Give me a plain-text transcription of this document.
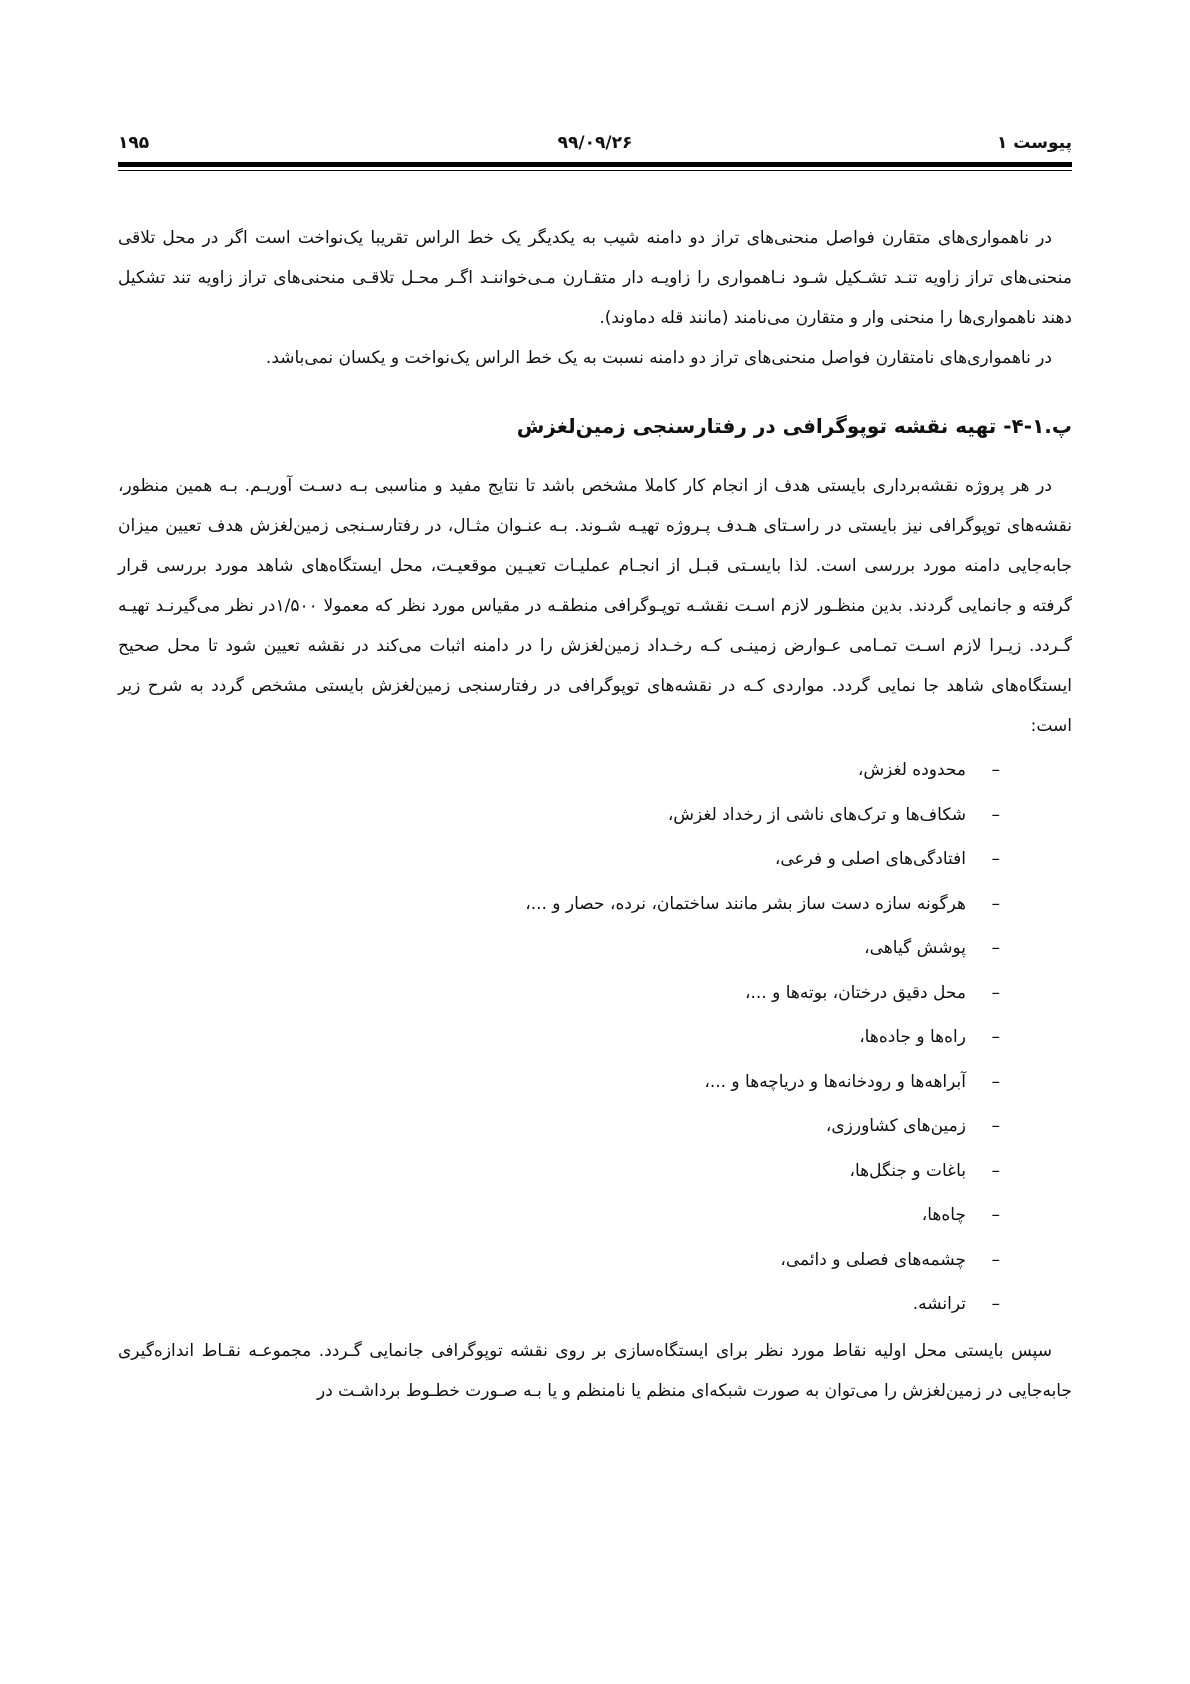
پیوست ۱
۹۹/۰۹/۲۶
۱۹۵

در ناهمواری‌های متقارن فواصل منحنی‌های تراز دو دامنه شیب به یکدیگر یک خط الراس تقریبا یک‌نواخت است اگر در محل تلاقی منحنی‌های تراز زاویه تنـد تشـکیل شـود نـاهمواری را زاویـه دار متقـارن مـی‌خواننـد اگـر محـل تلاقـی منحنی‌های تراز زاویه تند تشکیل دهند ناهمواری‌ها را منحنی وار و متقارن می‌نامند (مانند قله دماوند).

در ناهمواری‌های نامتقارن فواصل منحنی‌های تراز دو دامنه نسبت به یک خط الراس یک‌نواخت و یکسان نمی‌باشد.

پ.۱-۴- تهیه نقشه توپوگرافی در رفتارسنجی زمین‌لغزش

در هر پروژه نقشه‌برداری بایستی هدف از انجام کار کاملا مشخص باشد تا نتایج مفید و مناسبی بـه دسـت آوریـم. بـه همین منظور، نقشه‌های توپوگرافی نیز بایستی در راسـتای هـدف پـروژه تهیـه شـوند. بـه عنـوان مثـال، در رفتارسـنجی زمین‌لغزش هدف تعیین میزان جابه‌جایی دامنه مورد بررسی است. لذا بایسـتی قبـل از انجـام عملیـات تعیـین موقعیـت، محل ایستگاه‌های شاهد مورد بررسی قرار گرفته و جانمایی گردند. بدین منظـور لازم اسـت نقشـه توپـوگرافی منطقـه در مقیاس مورد نظر که معمولا ۱/۵۰۰در نظر می‌گیرنـد تهیـه گـردد. زیـرا لازم اسـت تمـامی عـوارض زمینـی کـه رخـداد زمین‌لغزش را در دامنه اثبات می‌کند در نقشه تعیین شود تا محل صحیح ایستگاه‌های شاهد جا نمایی گردد. مواردی کـه در نقشه‌های توپوگرافی در رفتارسنجی زمین‌لغزش بایستی مشخص گردد به شرح زیر است:

–محدوده لغزش،
–شکاف‌ها و ترک‌های ناشی از رخداد لغزش،
–افتادگی‌های اصلی و فرعی،
–هرگونه سازه دست ساز بشر مانند ساختمان، نرده، حصار و ...،
–پوشش گیاهی،
–محل دقیق درختان، بوته‌ها و ...،
–راه‌ها و جاده‌ها،
–آبراهه‌ها و رودخانه‌ها و دریاچه‌ها و ...،
–زمین‌های کشاورزی،
–باغات و جنگل‌ها،
–چاه‌ها،
–چشمه‌های فصلی و دائمی،
–ترانشه.

سپس بایستی محل اولیه نقاط مورد نظر برای ایستگاه‌سازی بر روی نقشه توپوگرافی جانمایی گـردد. مجموعـه نقـاط اندازه‌گیری جابه‌جایی در زمین‌لغزش را می‌توان به صورت شبکه‌ای منظم یا نامنظم و یا بـه صـورت خطـوط برداشـت در
